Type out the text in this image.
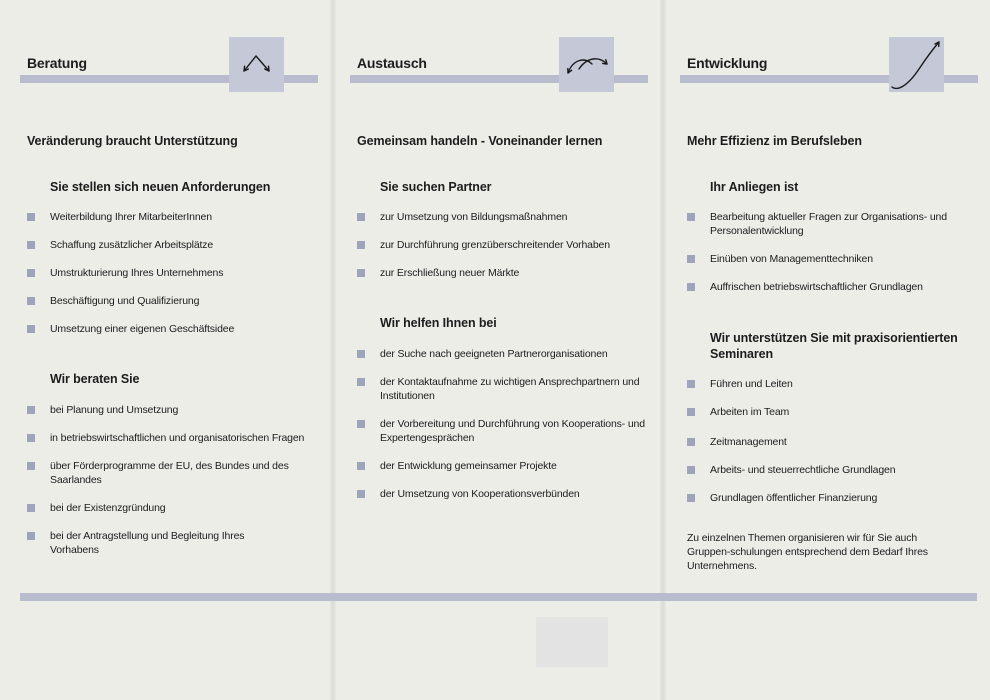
Beratung
Veränderung braucht Unterstützung
Sie stellen sich neuen Anforderungen
Weiterbildung Ihrer MitarbeiterInnen
Schaffung zusätzlicher Arbeitsplätze
Umstrukturierung Ihres Unternehmens
Beschäftigung und Qualifizierung
Umsetzung einer eigenen Geschäftsidee
Wir beraten Sie
bei Planung und Umsetzung
in betriebswirtschaftlichen und organisatorischen Fragen
über Förderprogramme der EU, des Bundes und des Saarlandes
bei der Existenzgründung
bei der Antragstellung und Begleitung Ihres Vorhabens
Austausch
Gemeinsam handeln - Voneinander lernen
Sie suchen Partner
zur Umsetzung von Bildungsmaßnahmen
zur Durchführung grenzüberschreitender Vorhaben
zur Erschließung neuer Märkte
Wir helfen Ihnen bei
der Suche nach geeigneten Partnerorganisationen
der Kontaktaufnahme zu wichtigen Ansprechpartnern und Institutionen
der Vorbereitung und Durchführung von Kooperations- und Expertengesprächen
der Entwicklung gemeinsamer Projekte
der Umsetzung von Kooperationsverbünden
Entwicklung
Mehr Effizienz im Berufsleben
Ihr Anliegen ist
Bearbeitung aktueller Fragen zur Organisations- und Personalentwicklung
Einüben von Managementtechniken
Auffrischen betriebswirtschaftlicher Grundlagen
Wir unterstützen Sie mit praxisorientierten Seminaren
Führen und Leiten
Arbeiten im Team
Zeitmanagement
Arbeits- und steuerrechtliche Grundlagen
Grundlagen öffentlicher Finanzierung
Zu einzelnen Themen organisieren wir für Sie auch Gruppen-schulungen entsprechend dem Bedarf Ihres Unternehmens.
